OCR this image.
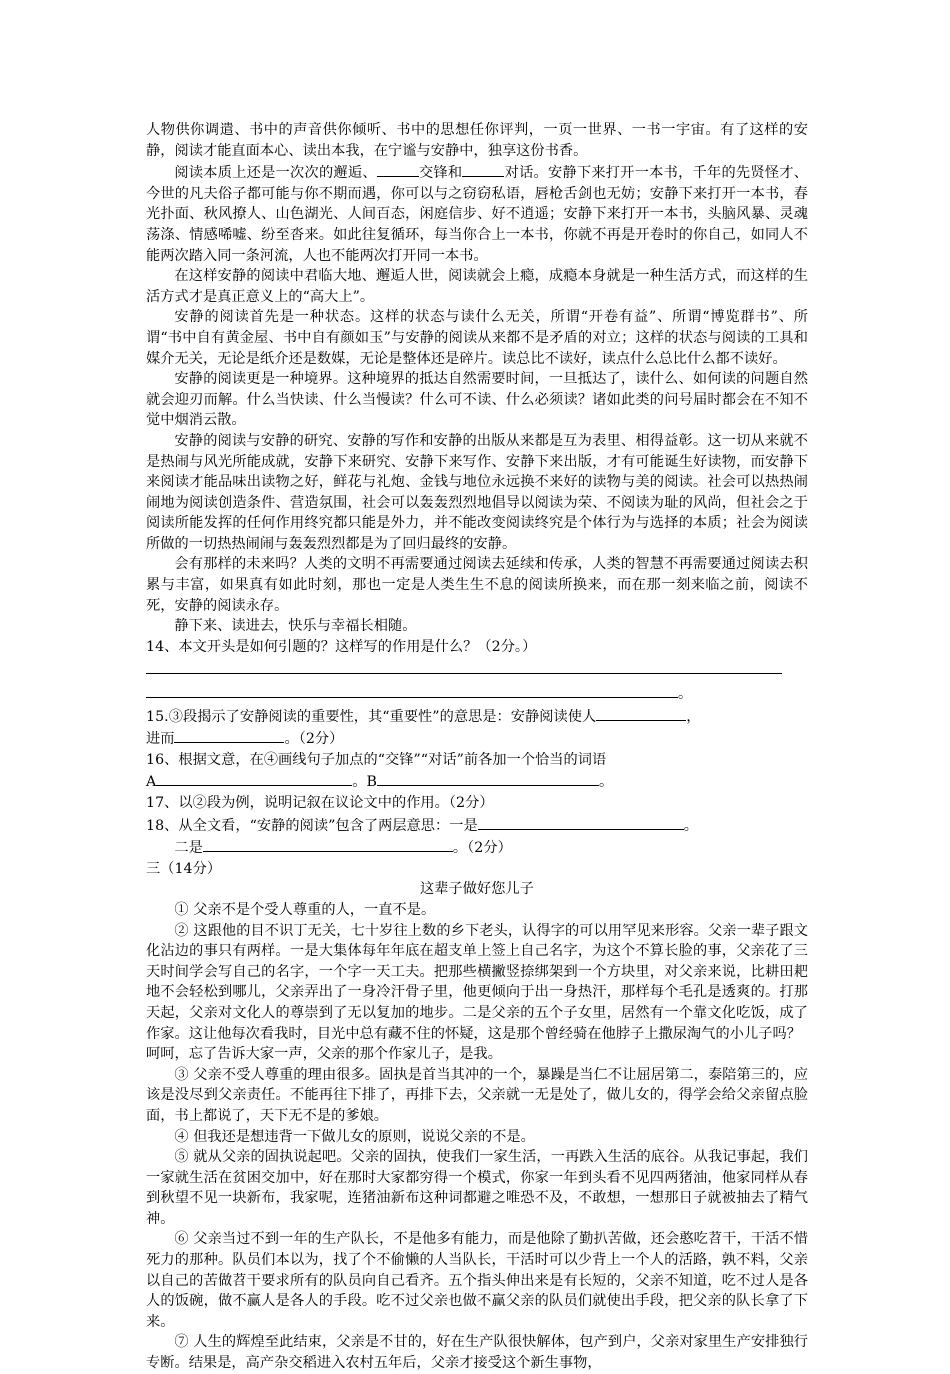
人物供你调遣、书中的声音供你倾听、书中的思想任你评判，一页一世界、一书一宇宙。有了这样的安静，阅读才能直面本心、读出本我，在宁谧与安静中，独享这份书香。

阅读本质上还是一次次的邂逅、	交锋和	对话。安静下来打开一本书，千年的先贤怪才、今世的凡夫俗子都可能与你不期而遇，你可以与之窃窃私语，唇枪舌剑也无妨；安静下来打开一本书，春光扑面、秋风撩人、山色湖光、人间百态，闲庭信步、好不逍遥；安静下来打开一本书，头脑风暴、灵魂荡涤、情感唏嘘、纷至沓来。如此往复循环，每当你合上一本书，你就不再是开卷时的你自己，如同人不能两次踏入同一条河流，人也不能两次打开同一本书。

在这样安静的阅读中君临大地、邂逅人世，阅读就会上瘾，成瘾本身就是一种生活方式，而这样的生活方式才是真正意义上的“高大上”。

安静的阅读首先是一种状态。这样的状态与读什么无关，所谓“开卷有益”、所谓“博览群书”、所谓“书中自有黄金屋、书中自有颜如玉”与安静的阅读从来都不是矛盾的对立；这样的状态与阅读的工具和媒介无关，无论是纸介还是数媒，无论是整体还是碎片。读总比不读好，读点什么总比什么都不读好。

安静的阅读更是一种境界。这种境界的抵达自然需要时间，一旦抵达了，读什么、如何读的问题自然就会迎刃而解。什么当快读、什么当慢读？什么可不读、什么必须读？诸如此类的问号届时都会在不知不觉中烟消云散。

安静的阅读与安静的研究、安静的写作和安静的出版从来都是互为表里、相得益彰。这一切从来就不是热闹与风光所能成就，安静下来研究、安静下来写作、安静下来出版，才有可能诞生好读物，而安静下来阅读才能品味出读物之好，鲜花与礼炮、金钱与地位永远换不来好的读物与美的阅读。社会可以热热闹闹地为阅读创造条件、营造氛围，社会可以轰轰烈烈地倡导以阅读为荣、不阅读为耻的风尚，但社会之于阅读所能发挥的任何作用终究都只能是外力，并不能改变阅读终究是个体行为与选择的本质；社会为阅读所做的一切热热闹闹与轰轰烈烈都是为了回归最终的安静。

会有那样的未来吗？人类的文明不再需要通过阅读去延续和传承，人类的智慧不再需要通过阅读去积累与丰富，如果真有如此时刻，那也一定是人类生生不息的阅读所换来，而在那一刻来临之前，阅读不死，安静的阅读永存。

静下来、读进去，快乐与幸福长相随。

14、本文开头是如何引题的？这样写的作用是什么？（2分。）

。

15.③段揭示了安静阅读的重要性，其“重要性”的意思是：安静阅读使人	，

进而	。（2分）

16、根据文意，在④画线句子加点的“交锋”“对话”前各加一个恰当的词语

A	。B	。

17、以②段为例，说明记叙在议论文中的作用。（2分）

18、从全文看，“安静的阅读”包含了两层意思：一是	。

二是	。（2分）

三（14分）

这辈子做好您儿子

① 父亲不是个受人尊重的人，一直不是。

② 这跟他的目不识丁无关，七十岁往上数的乡下老头，认得字的可以用罕见来形容。父亲一辈子跟文化沾边的事只有两样。一是大集体每年年底在超支单上签上自己名字，为这个不算长脸的事，父亲花了三天时间学会写自己的名字，一个字一天工夫。把那些横撇竖捺绑架到一个方块里，对父亲来说，比耕田耙地不会轻松到哪儿，父亲弄出了一身冷汗骨子里，他更倾向于出一身热汗，那样每个毛孔是透爽的。打那天起，父亲对文化人的尊崇到了无以复加的地步。二是父亲的五个子女里，居然有一个靠文化吃饭，成了作家。这让他每次看我时，目光中总有藏不住的怀疑，这是那个曾经骑在他脖子上撒尿淘气的小儿子吗？

呵呵，忘了告诉大家一声，父亲的那个作家儿子，是我。

③ 父亲不受人尊重的理由很多。固执是首当其冲的一个，暴躁是当仁不让屈居第二，泰陪第三的，应该是没尽到父亲责任。不能再往下排了，再排下去，父亲就一无是处了，做儿女的，得学会给父亲留点脸面，书上都说了，天下无不是的爹娘。

④ 但我还是想违背一下做儿女的原则，说说父亲的不是。

⑤ 就从父亲的固执说起吧。父亲的固执，使我们一家生活，一再跌入生活的底谷。从我记事起，我们一家就生活在贫困交加中，好在那时大家都穷得一个模式，你家一年到头看不见四两猪油，他家同样从春到秋望不见一块新布，我家呢，连猪油新布这种词都避之唯恐不及，不敢想，一想那日子就被抽去了精气神。

⑥ 父亲当过不到一年的生产队长，不是他多有能力，而是他除了勤扒苦做，还会憨吃苕干，干活不惜死力的那种。队员们本以为，找了个不偷懒的人当队长，干活时可以少背上一个人的活路，孰不料，父亲以自己的苦做苕干要求所有的队员向自己看齐。五个指头伸出来是有长短的，父亲不知道，吃不过人是各人的饭碗，做不赢人是各人的手段。吃不过父亲也做不赢父亲的队员们就使出手段，把父亲的队长拿了下来。

⑦ 人生的辉煌至此结束，父亲是不甘的，好在生产队很快解体，包产到户，父亲对家里生产安排独行专断。结果是，高产杂交稻进入农村五年后，父亲才接受这个新生事物，
